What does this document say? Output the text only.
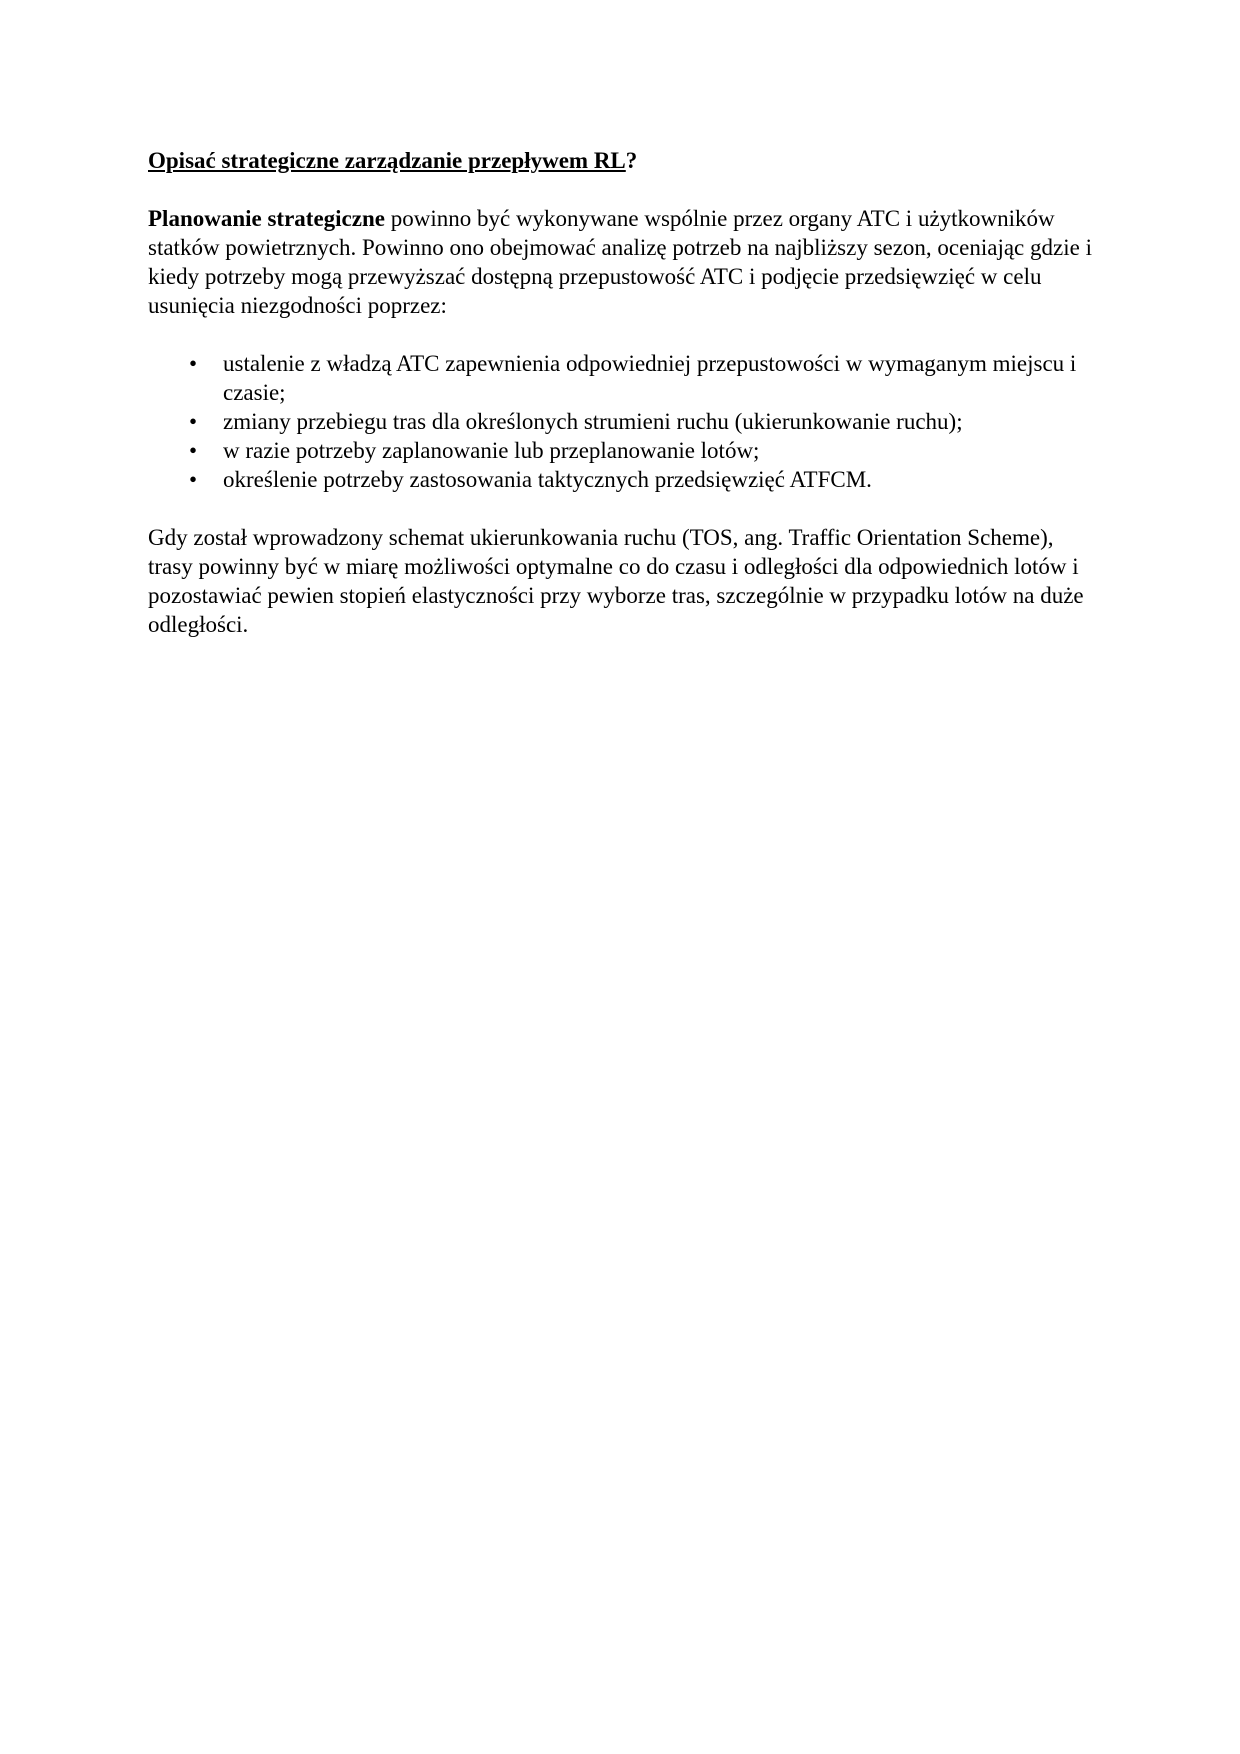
Opisać strategiczne zarządzanie przepływem RL?

Planowanie strategiczne powinno być wykonywane wspólnie przez organy ATC i użytkowników statków powietrznych. Powinno ono obejmować analizę potrzeb na najbliższy sezon, oceniając gdzie i kiedy potrzeby mogą przewyższać dostępną przepustowość ATC i podjęcie przedsięwzięć w celu usunięcia niezgodności poprzez:

• ustalenie z władzą ATC zapewnienia odpowiedniej przepustowości w wymaganym miejscu i czasie;
• zmiany przebiegu tras dla określonych strumieni ruchu (ukierunkowanie ruchu);
• w razie potrzeby zaplanowanie lub przeplanowanie lotów;
• określenie potrzeby zastosowania taktycznych przedsięwzięć ATFCM.

Gdy został wprowadzony schemat ukierunkowania ruchu (TOS, ang. Traffic Orientation Scheme), trasy powinny być w miarę możliwości optymalne co do czasu i odległości dla odpowiednich lotów i pozostawiać pewien stopień elastyczności przy wyborze tras, szczególnie w przypadku lotów na duże odległości.
